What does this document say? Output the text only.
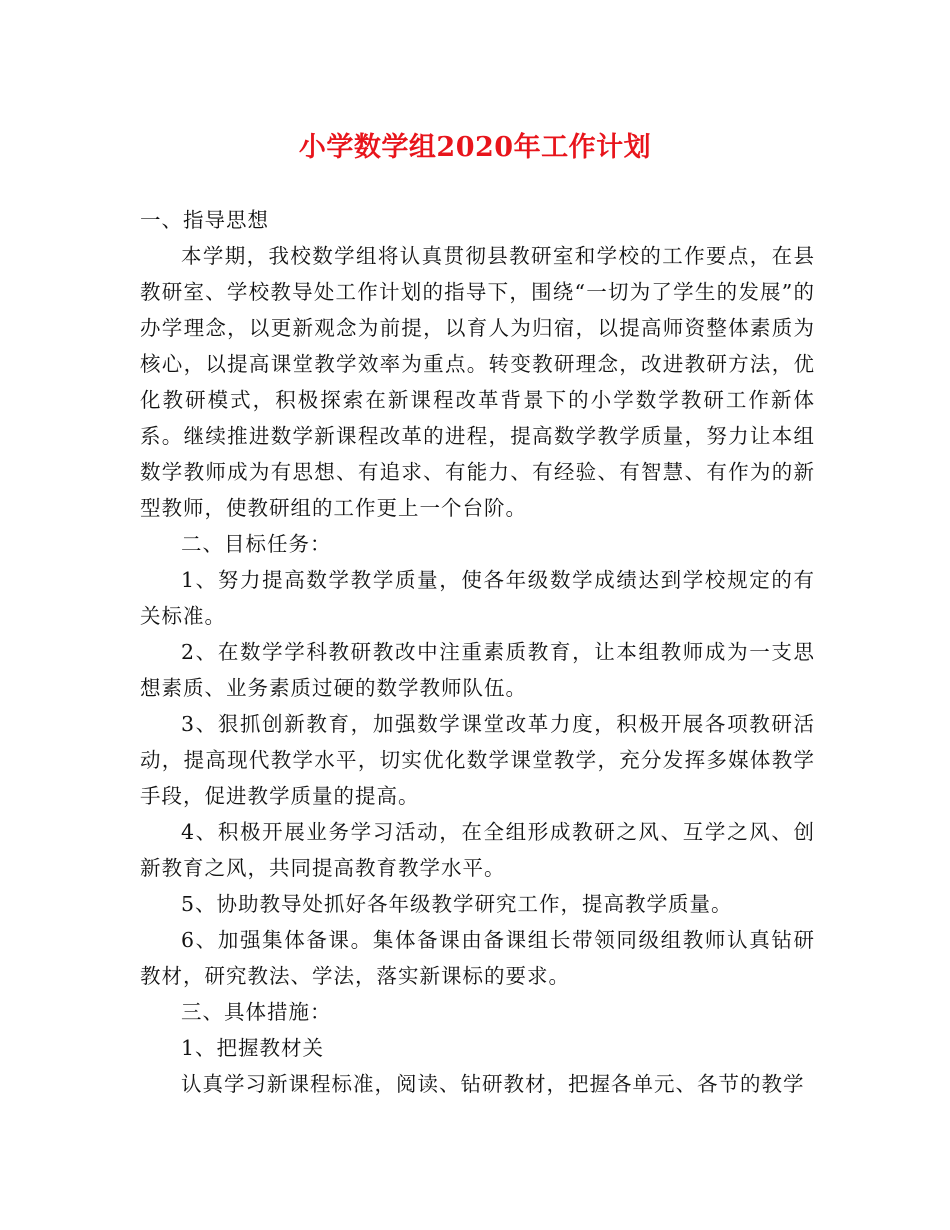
小学数学组2020年工作计划

一、指导思想

本学期，我校数学组将认真贯彻县教研室和学校的工作要点，在县教研室、学校教导处工作计划的指导下，围绕“一切为了学生的发展”的办学理念，以更新观念为前提，以育人为归宿，以提高师资整体素质为核心，以提高课堂教学效率为重点。转变教研理念，改进教研方法，优化教研模式，积极探索在新课程改革背景下的小学数学教研工作新体系。继续推进数学新课程改革的进程，提高数学教学质量，努力让本组数学教师成为有思想、有追求、有能力、有经验、有智慧、有作为的新型教师，使教研组的工作更上一个台阶。

二、目标任务：

1、努力提高数学教学质量，使各年级数学成绩达到学校规定的有关标准。

2、在数学学科教研教改中注重素质教育，让本组教师成为一支思想素质、业务素质过硬的数学教师队伍。

3、狠抓创新教育，加强数学课堂改革力度，积极开展各项教研活动，提高现代教学水平，切实优化数学课堂教学，充分发挥多媒体教学手段，促进教学质量的提高。

4、积极开展业务学习活动，在全组形成教研之风、互学之风、创新教育之风，共同提高教育教学水平。

5、协助教导处抓好各年级教学研究工作，提高教学质量。

6、加强集体备课。集体备课由备课组长带领同级组教师认真钻研教材，研究教法、学法，落实新课标的要求。

三、具体措施：

1、把握教材关

认真学习新课程标准，阅读、钻研教材，把握各单元、各节的教学
